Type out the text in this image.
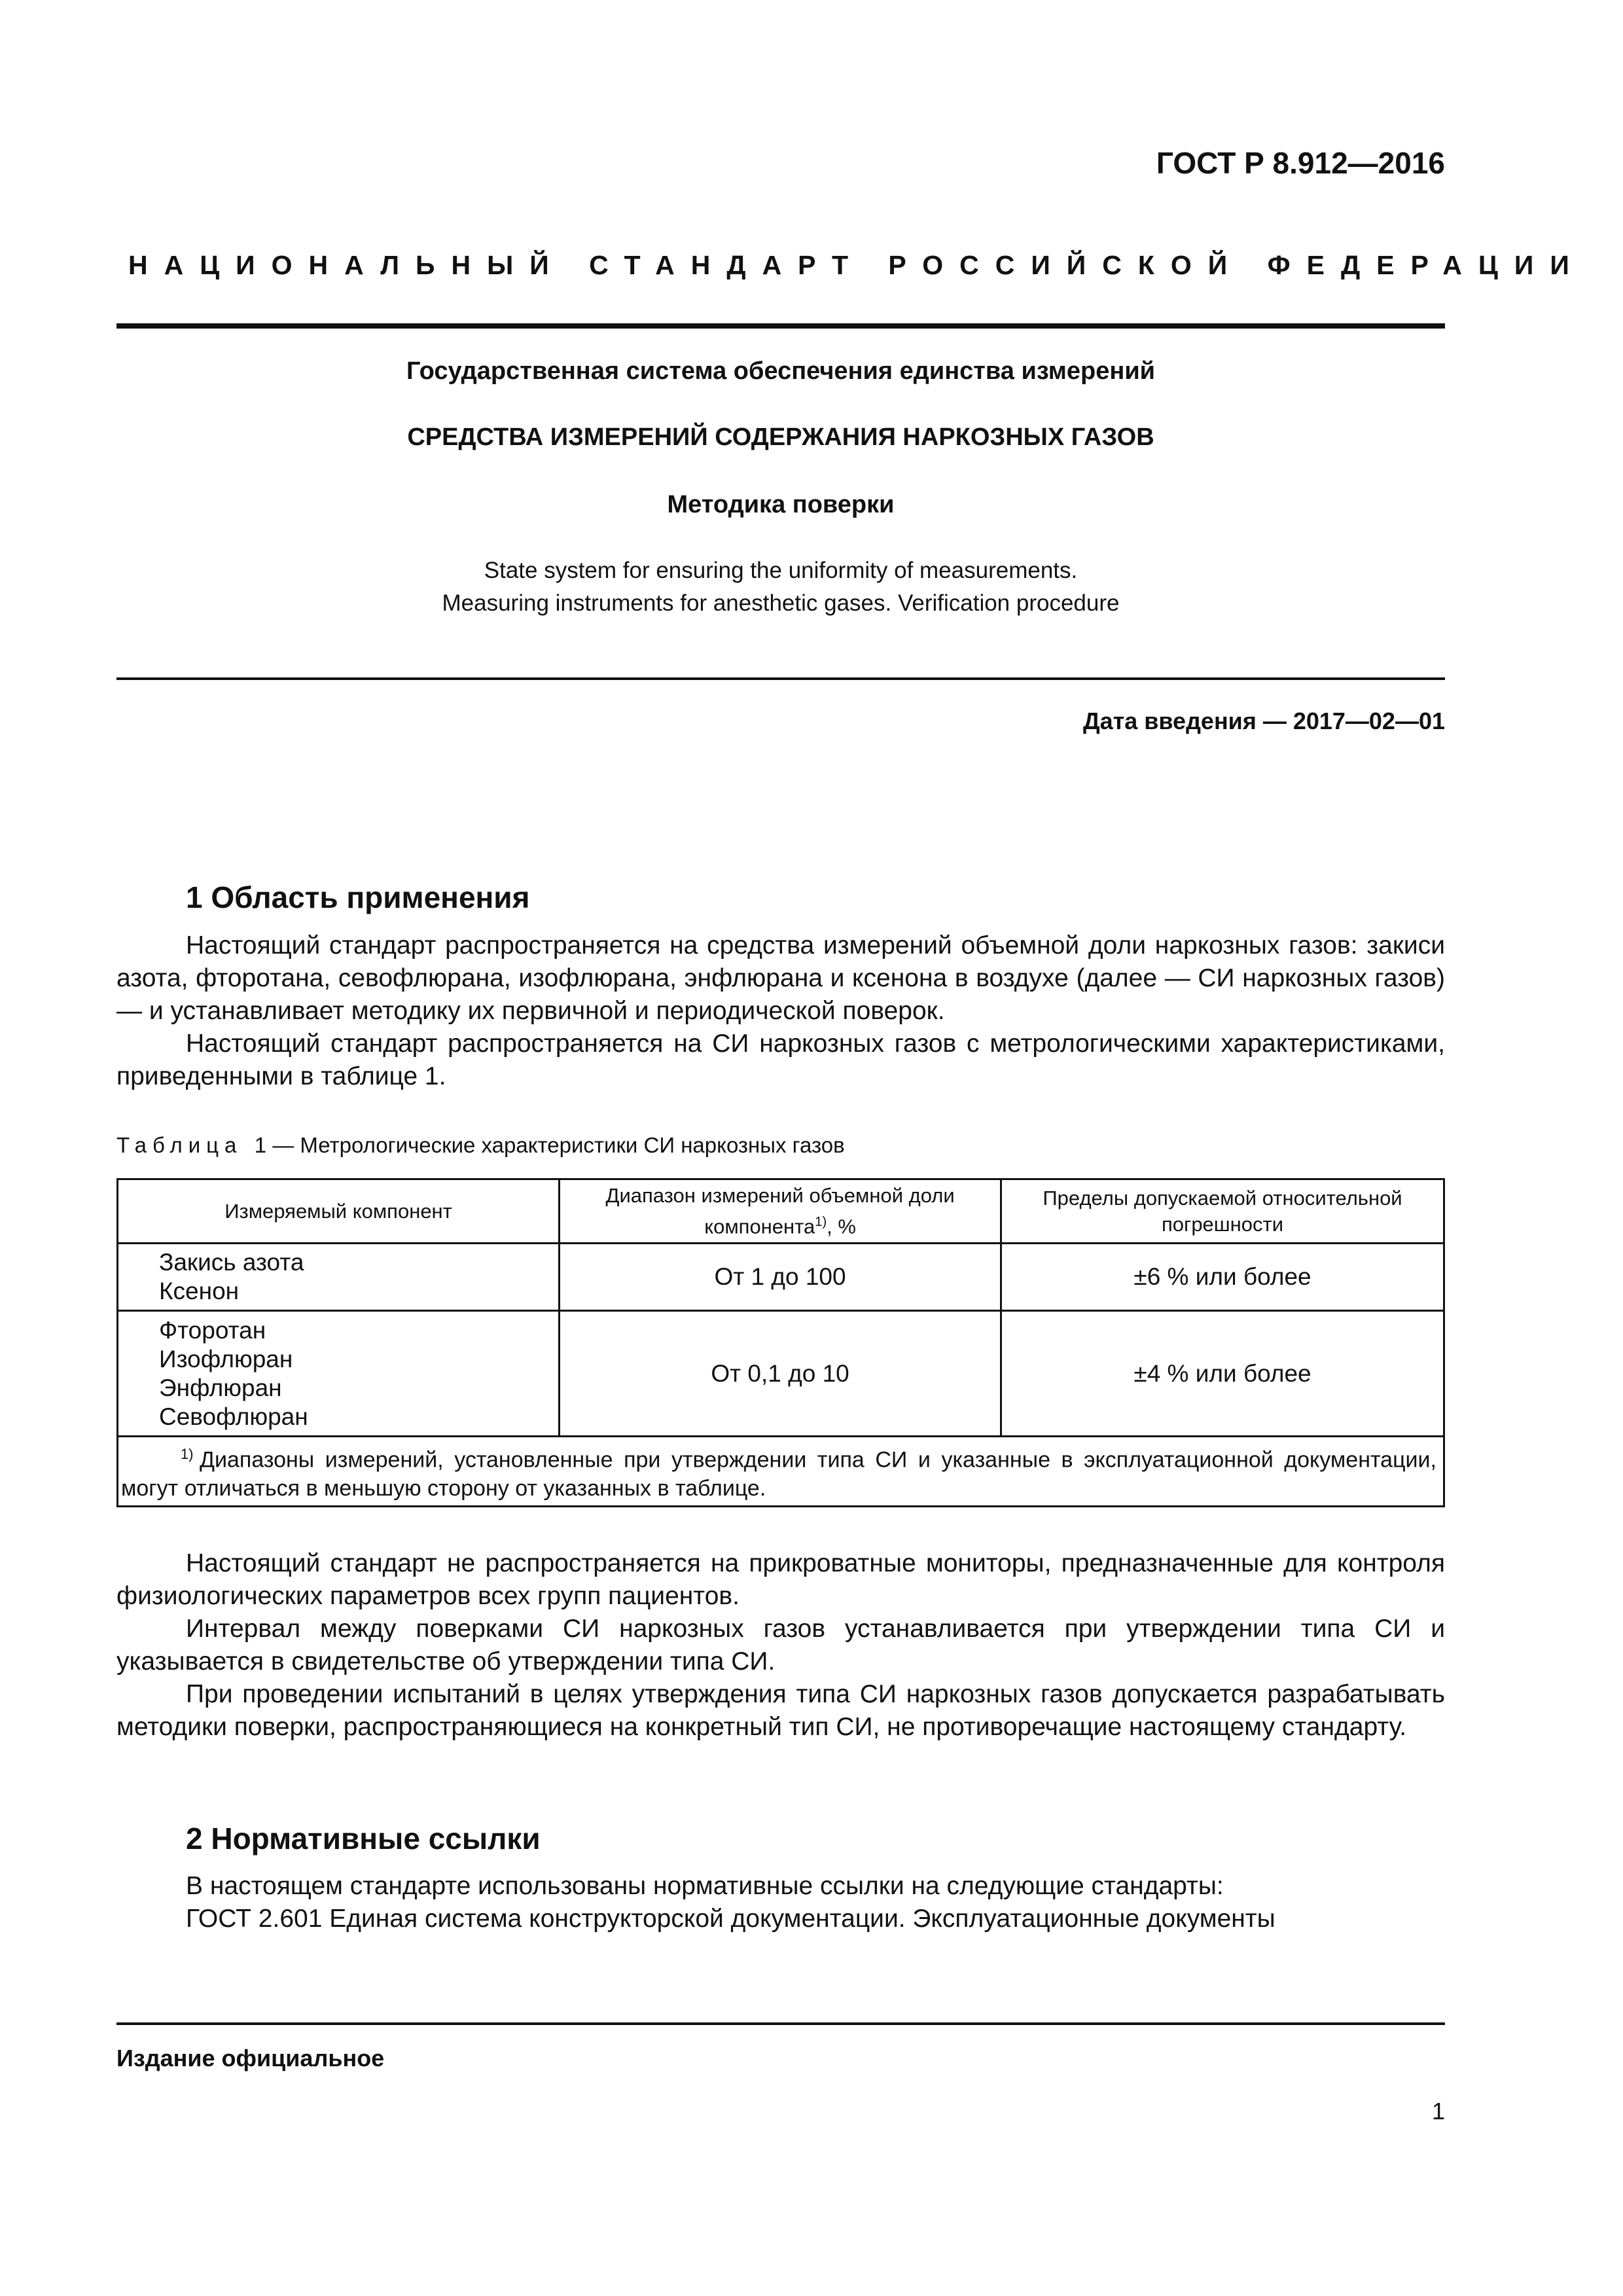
ГОСТ Р 8.912—2016
НАЦИОНАЛЬНЫЙ СТАНДАРТ РОССИЙСКОЙ ФЕДЕРАЦИИ
Государственная система обеспечения единства измерений
СРЕДСТВА ИЗМЕРЕНИЙ СОДЕРЖАНИЯ НАРКОЗНЫХ ГАЗОВ
Методика поверки
State system for ensuring the uniformity of measurements.
Measuring instruments for anesthetic gases. Verification procedure
Дата введения — 2017—02—01
1 Область применения
Настоящий стандарт распространяется на средства измерений объемной доли наркозных газов: закиси азота, фторотана, севофлюрана, изофлюрана, энфлюрана и ксенона в воздухе (далее — СИ наркозных газов) — и устанавливает методику их первичной и периодической поверок.
Настоящий стандарт распространяется на СИ наркозных газов с метрологическими характеристиками, приведенными в таблице 1.
Таблица 1 — Метрологические характеристики СИ наркозных газов
Измеряемый компонент	Диапазон измерений объемной доли компонента$^{1)}$, %	Пределы допускаемой относительной погрешности

Закись азота
Ксенон	От 1 до 100	±6 % или более

Фторотан
Изофлюран
Энфлюран
Севофлюран	От 0,1 до 10	±4 % или более
$^{1)}$ Диапазоны измерений, установленные при утверждении типа СИ и указанные в эксплуатационной документации, могут отличаться в меньшую сторону от указанных в таблице.		
Настоящий стандарт не распространяется на прикроватные мониторы, предназначенные для контроля физиологических параметров всех групп пациентов.
Интервал между поверками СИ наркозных газов устанавливается при утверждении типа СИ и указывается в свидетельстве об утверждении типа СИ.
При проведении испытаний в целях утверждения типа СИ наркозных газов допускается разрабатывать методики поверки, распространяющиеся на конкретный тип СИ, не противоречащие настоящему стандарту.
2 Нормативные ссылки
В настоящем стандарте использованы нормативные ссылки на следующие стандарты:
ГОСТ 2.601 Единая система конструкторской документации. Эксплуатационные документы
Издание официальное
1
